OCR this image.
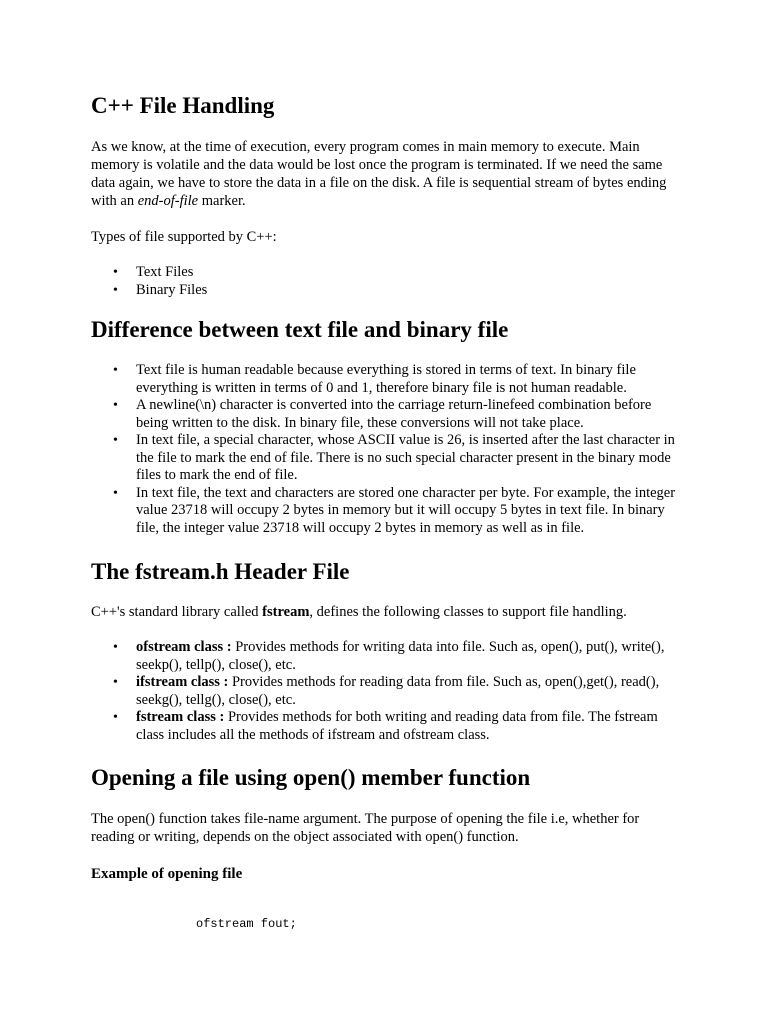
C++ File Handling

As we know, at the time of execution, every program comes in main memory to execute. Main memory is volatile and the data would be lost once the program is terminated. If we need the same data again, we have to store the data in a file on the disk. A file is sequential stream of bytes ending with an end-of-file marker.

Types of file supported by C++:

• Text Files
• Binary Files
Difference between text file and binary file
• Text file is human readable because everything is stored in terms of text. In binary file everything is written in terms of 0 and 1, therefore binary file is not human readable.
• A newline(\n) character is converted into the carriage return-linefeed combination before being written to the disk. In binary file, these conversions will not take place.
• In text file, a special character, whose ASCII value is 26, is inserted after the last character in the file to mark the end of file. There is no such special character present in the binary mode files to mark the end of file.
• In text file, the text and characters are stored one character per byte. For example, the integer value 23718 will occupy 2 bytes in memory but it will occupy 5 bytes in text file. In binary file, the integer value 23718 will occupy 2 bytes in memory as well as in file.
The fstream.h Header File

C++'s standard library called fstream, defines the following classes to support file handling.

• ofstream class : Provides methods for writing data into file. Such as, open(), put(), write(), seekp(), tellp(), close(), etc.
• ifstream class : Provides methods for reading data from file. Such as, open(),get(), read(), seekg(), tellg(), close(), etc.
• fstream class : Provides methods for both writing and reading data from file. The fstream class includes all the methods of ifstream and ofstream class.
Opening a file using open() member function

The open() function takes file-name argument. The purpose of opening the file i.e, whether for reading or writing, depends on the object associated with open() function.

Example of opening file
ofstream fout;
